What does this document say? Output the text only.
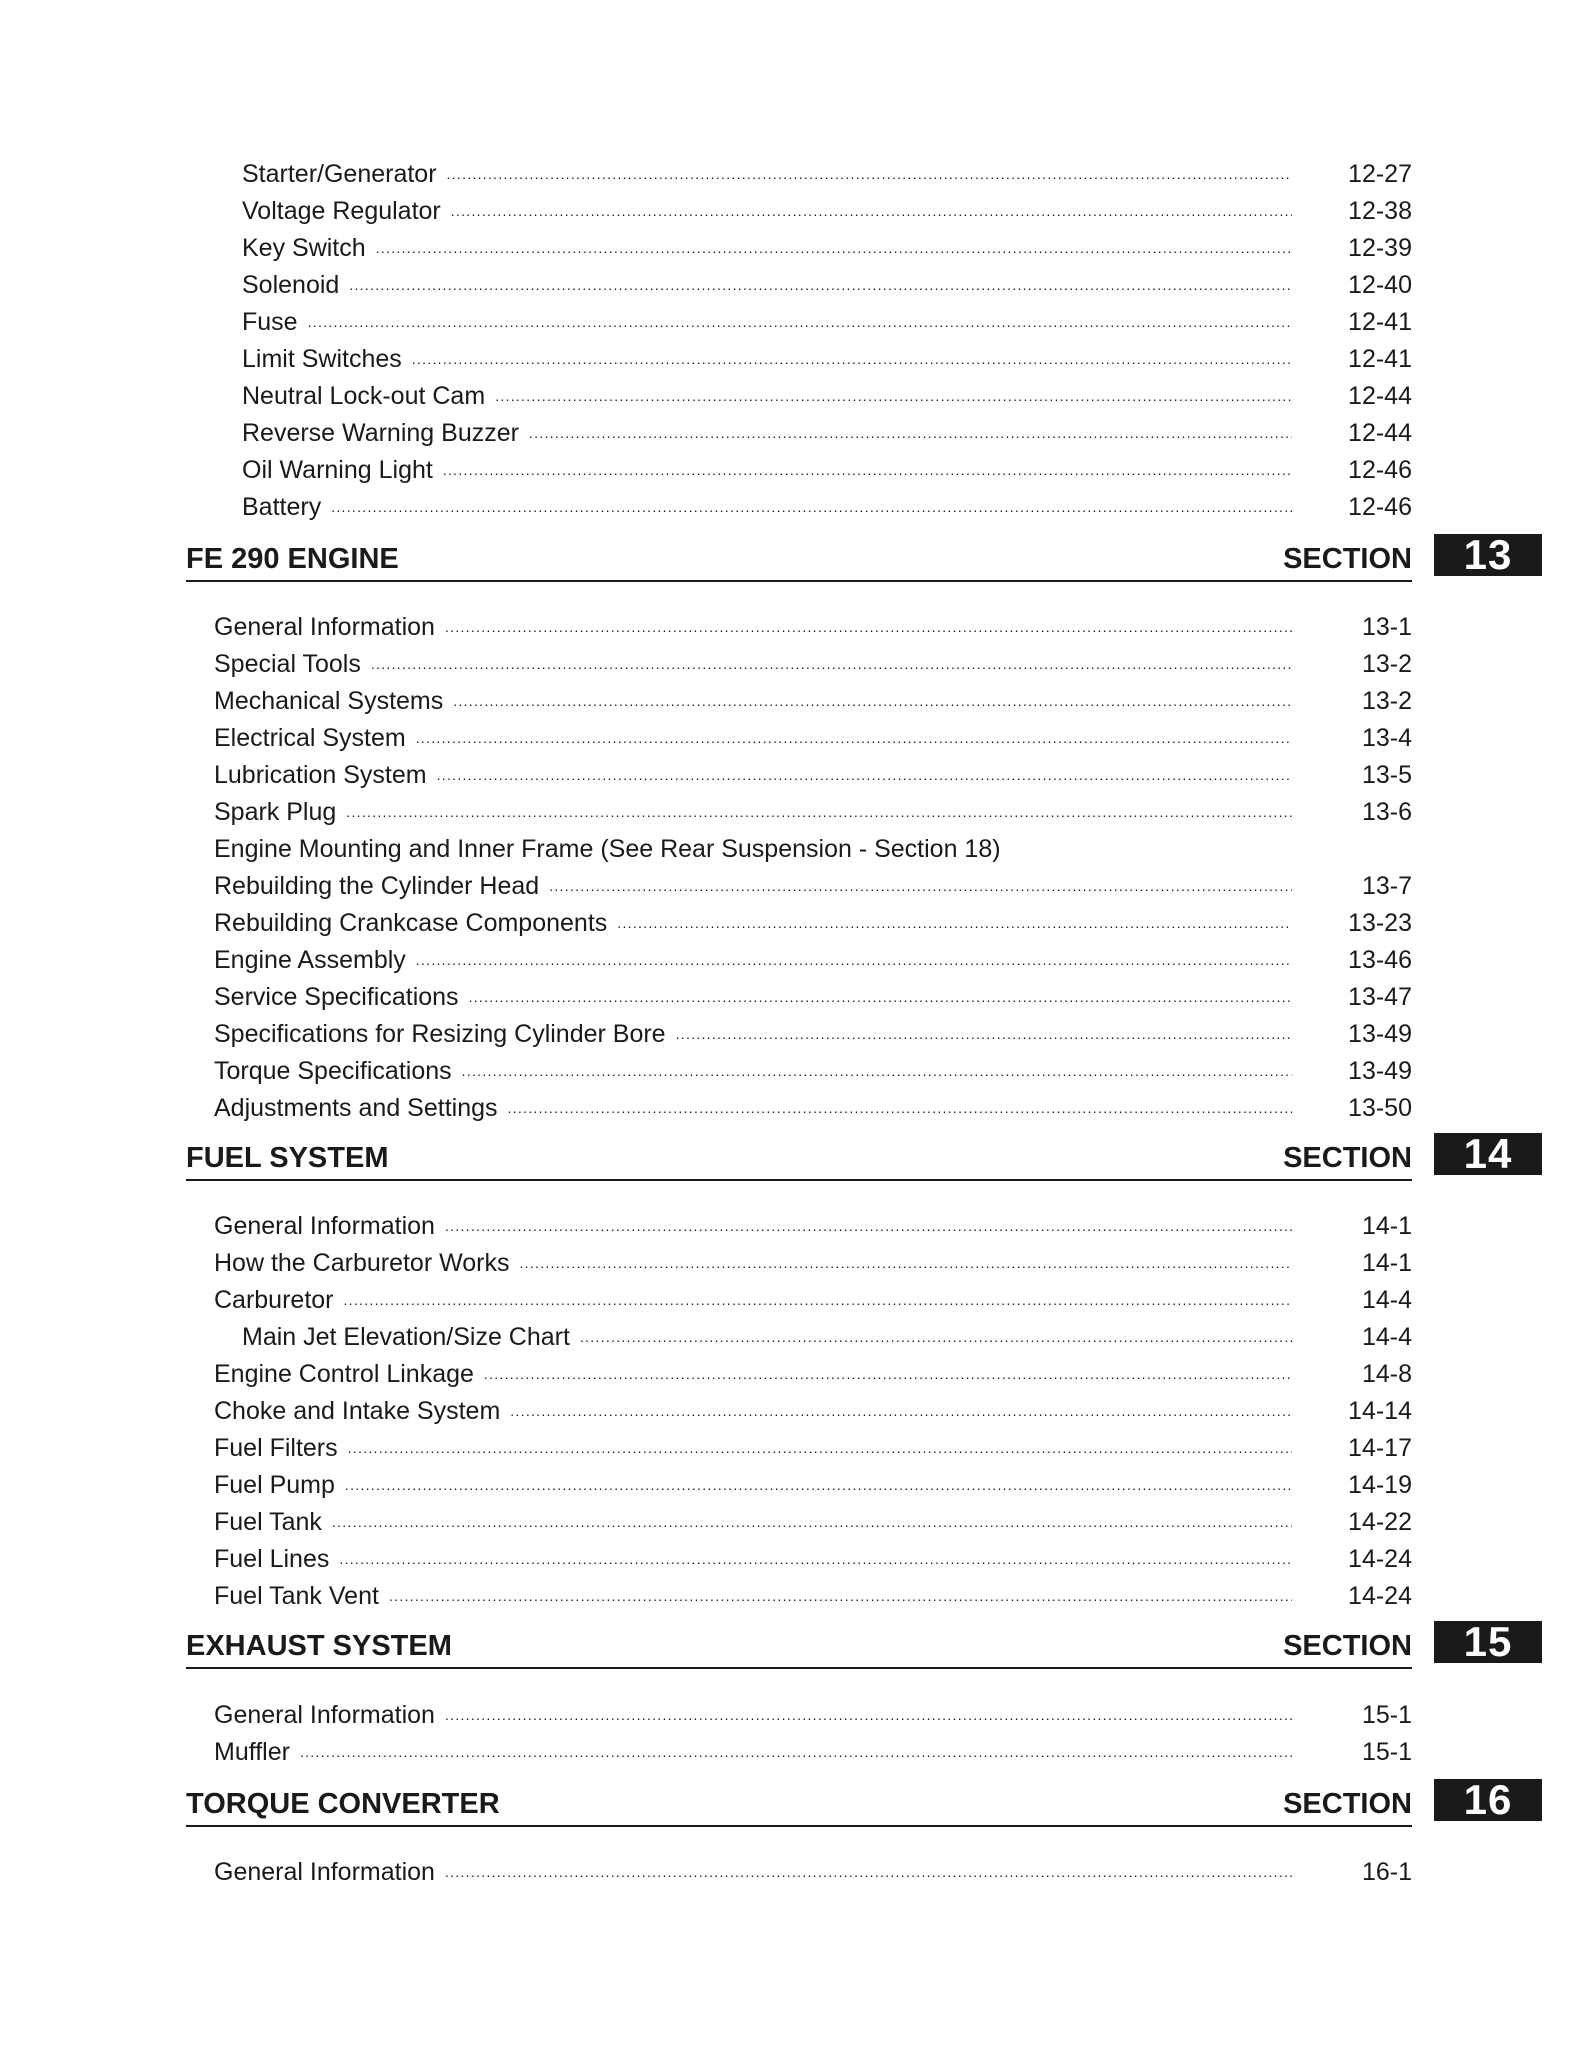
Starter/Generator . . .	12-27
Voltage Regulator . . .	12-38
Key Switch . . .	12-39
Solenoid . . .	12-40
Fuse . . .	12-41
Limit Switches . . .	12-41
Neutral Lock-out Cam . . .	12-44
Reverse Warning Buzzer . . .	12-44
Oil Warning Light . . .	12-46
Battery . . .	12-46
FE 290 ENGINE	SECTION	13
General Information . . .	13-1
Special Tools . . .	13-2
Mechanical Systems . . .	13-2
Electrical System . . .	13-4
Lubrication System . . .	13-5
Spark Plug . . .	13-6
Engine Mounting and Inner Frame (See Rear Suspension - Section 18)
Rebuilding the Cylinder Head . . .	13-7
Rebuilding Crankcase Components . . .	13-23
Engine Assembly . . .	13-46
Service Specifications . . .	13-47
Specifications for Resizing Cylinder Bore . . .	13-49
Torque Specifications . . .	13-49
Adjustments and Settings . . .	13-50
FUEL SYSTEM	SECTION	14
General Information . . .	14-1
How the Carburetor Works . . .	14-1
Carburetor . . .	14-4
Main Jet Elevation/Size Chart . . .	14-4
Engine Control Linkage . . .	14-8
Choke and Intake System . . .	14-14
Fuel Filters . . .	14-17
Fuel Pump . . .	14-19
Fuel Tank . . .	14-22
Fuel Lines . . .	14-24
Fuel Tank Vent . . .	14-24
EXHAUST SYSTEM	SECTION	15
General Information . . .	15-1
Muffler . . .	15-1
TORQUE CONVERTER	SECTION	16
General Information . . .	16-1
